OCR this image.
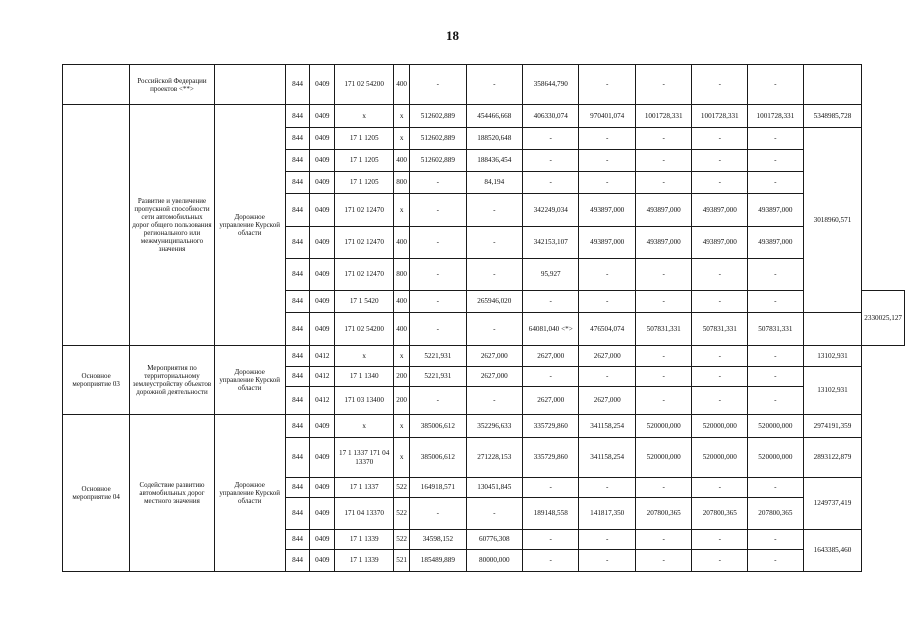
18
	Российской Федерации проектов <**>		844	0409	171 02 54200	400	-	-	358644,790	-	-	-	-		
	Развитие и увеличение пропускной способности сети автомобильных дорог общего пользования регионального или межмуниципального значения	Дорожное управление Курской области	844	0409	x	x	512602,889	454466,668	406330,074	970401,074	1001728,331	1001728,331	1001728,331	5348985,728	
			844	0409	17 1 1205	x	512602,889	188520,648	-	-	-	-	-	3018960,571	
			844	0409	17 1 1205	400	512602,889	188436,454	-	-	-	-	-		
			844	0409	17 1 1205	800	-	84,194	-	-	-	-	-		
			844	0409	171 02 12470	x	-	-	342249,034	493897,000	493897,000	493897,000	493897,000		
			844	0409	171 02 12470	400	-	-	342153,107	493897,000	493897,000	493897,000	493897,000		
			844	0409	171 02 12470	800	-	-	95,927	-	-	-	-		
			844	0409	17 1 5420	400	-	265946,020	-	-	-	-	-		2330025,127
			844	0409	171 02 54200	400	-	-	64081,040 <*>	476504,074	507831,331	507831,331	507831,331		
Основное мероприятие 03	Мероприятия по территориальному землеустройству объектов дорожной деятельности	Дорожное управление Курской области	844	0412	x	x	5221,931	2627,000	2627,000	2627,000	-	-	-	13102,931	
			844	0412	17 1 1340	200	5221,931	2627,000	-	-	-	-	-	13102,931	
			844	0412	171 03 13400	200	-	-	2627,000	2627,000	-	-	-		
Основное мероприятие 04	Содействие развитию автомобильных дорог местного значения	Дорожное управление Курской области	844	0409	x	x	385006,612	352296,633	335729,860	341158,254	520000,000	520000,000	520000,000	2974191,359	
			844	0409	17 1 1337 171 04 13370	x	385006,612	271228,153	335729,860	341158,254	520000,000	520000,000	520000,000	2893122,879	
			844	0409	17 1 1337	522	164918,571	130451,845	-	-	-	-	-	1249737,419	
			844	0409	171 04 13370	522	-	-	189148,558	141817,350	207800,365	207800,365	207800,365		
			844	0409	17 1 1339	522	34598,152	60776,308	-	-	-	-	-	1643385,460	
			844	0409	17 1 1339	521	185489,889	80000,000	-	-	-	-	-		
